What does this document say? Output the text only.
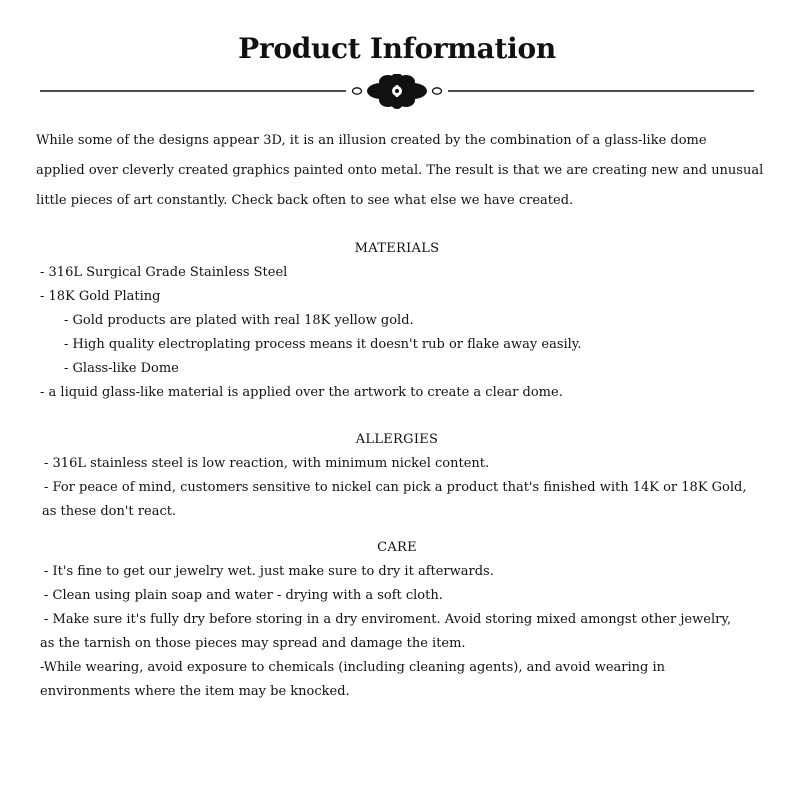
Product Information

While some of the designs appear 3D, it is an illusion created by the combination of a glass-like dome

applied over cleverly created graphics painted onto metal. The result is that we are creating new and unusual

little pieces of art constantly. Check back often to see what else we have created.

MATERIALS
- 316L Surgical Grade Stainless Steel
- 18K Gold Plating
- Gold products are plated with real 18K yellow gold.
- High quality electroplating process means it doesn't rub or flake away easily.
- Glass-like Dome
- a liquid glass-like material is applied over the artwork to create a clear dome.
ALLERGIES
- 316L stainless steel is low reaction, with minimum nickel content.
- For peace of mind, customers sensitive to nickel can pick a product that's finished with 14K or 18K Gold,
as these don't react.
CARE
- It's fine to get our jewelry wet. just make sure to dry it afterwards.
- Clean using plain soap and water - drying with a soft cloth.
- Make sure it's fully dry before storing in a dry enviroment. Avoid storing mixed amongst other jewelry,
as the tarnish on those pieces may spread and damage the item.
-While wearing, avoid exposure to chemicals (including cleaning agents), and avoid wearing in
environments where the item may be knocked.
